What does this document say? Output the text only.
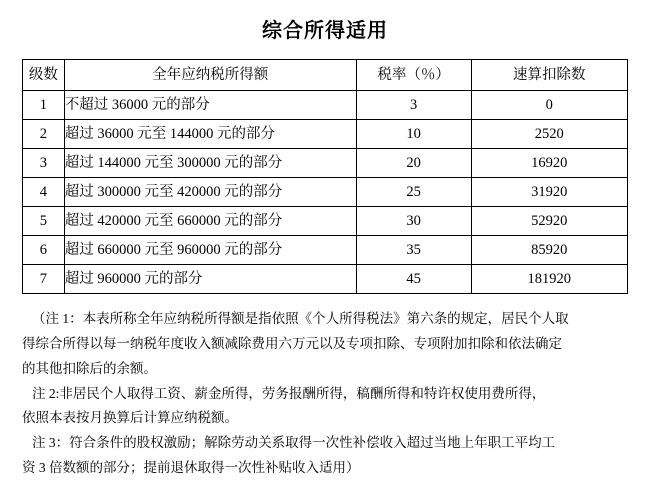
综合所得适用
级数	全年应纳税所得额	税率（％）	速算扣除数
1	不超过 36000 元的部分	3	0
2	超过 36000 元至 144000 元的部分	10	2520
3	超过 144000 元至 300000 元的部分	20	16920
4	超过 300000 元至 420000 元的部分	25	31920
5	超过 420000 元至 660000 元的部分	30	52920
6	超过 660000 元至 960000 元的部分	35	85920
7	超过 960000 元的部分	45	181920

（注 1：本表所称全年应纳税所得额是指依照《个人所得税法》第六条的规定，居民个人取

得综合所得以每一纳税年度收入额减除费用六万元以及专项扣除、专项附加扣除和依法确定

的其他扣除后的余额。

注 2:非居民个人取得工资、薪金所得，劳务报酬所得，稿酬所得和特许权使用费所得，

依照本表按月换算后计算应纳税额。

注 3：符合条件的股权激励；解除劳动关系取得一次性补偿收入超过当地上年职工平均工

资 3 倍数额的部分；提前退休取得一次性补贴收入适用）
